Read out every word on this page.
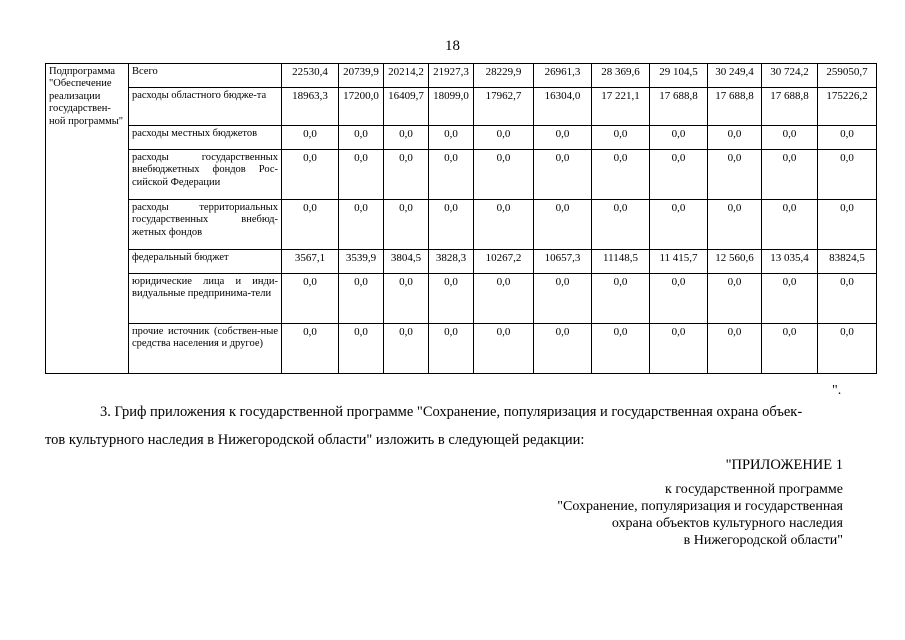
18
Подпрограмма "Обеспечение реализации государствен-ной программы"	Всего	22530,4	20739,9	20214,2	21927,3	28229,9	26961,3	28 369,6	29 104,5	30 249,4	30 724,2	259050,7
	расходы областного бюдже-та	18963,3	17200,0	16409,7	18099,0	17962,7	16304,0	17 221,1	17 688,8	17 688,8	17 688,8	175226,2
	расходы местных бюджетов	0,0	0,0	0,0	0,0	0,0	0,0	0,0	0,0	0,0	0,0	0,0
	расходы государственных внебюджетных фондов Рос-сийской Федерации	0,0	0,0	0,0	0,0	0,0	0,0	0,0	0,0	0,0	0,0	0,0
	расходы территориальных государственных внебюд-жетных фондов	0,0	0,0	0,0	0,0	0,0	0,0	0,0	0,0	0,0	0,0	0,0
	федеральный бюджет	3567,1	3539,9	3804,5	3828,3	10267,2	10657,3	11148,5	11 415,7	12 560,6	13 035,4	83824,5
	юридические лица и инди-видуальные предпринима-тели	0,0	0,0	0,0	0,0	0,0	0,0	0,0	0,0	0,0	0,0	0,0
	прочие источник (собствен-ные средства населения и другое)	0,0	0,0	0,0	0,0	0,0	0,0	0,0	0,0	0,0	0,0	0,0
".
3. Гриф приложения к государственной программе "Сохранение, популяризация и государственная охрана объек-
тов культурного наследия в Нижегородской области" изложить в следующей редакции:
"ПРИЛОЖЕНИЕ 1
к государственной программе
"Сохранение, популяризация и государственная
охрана объектов культурного наследия
в Нижегородской области"
